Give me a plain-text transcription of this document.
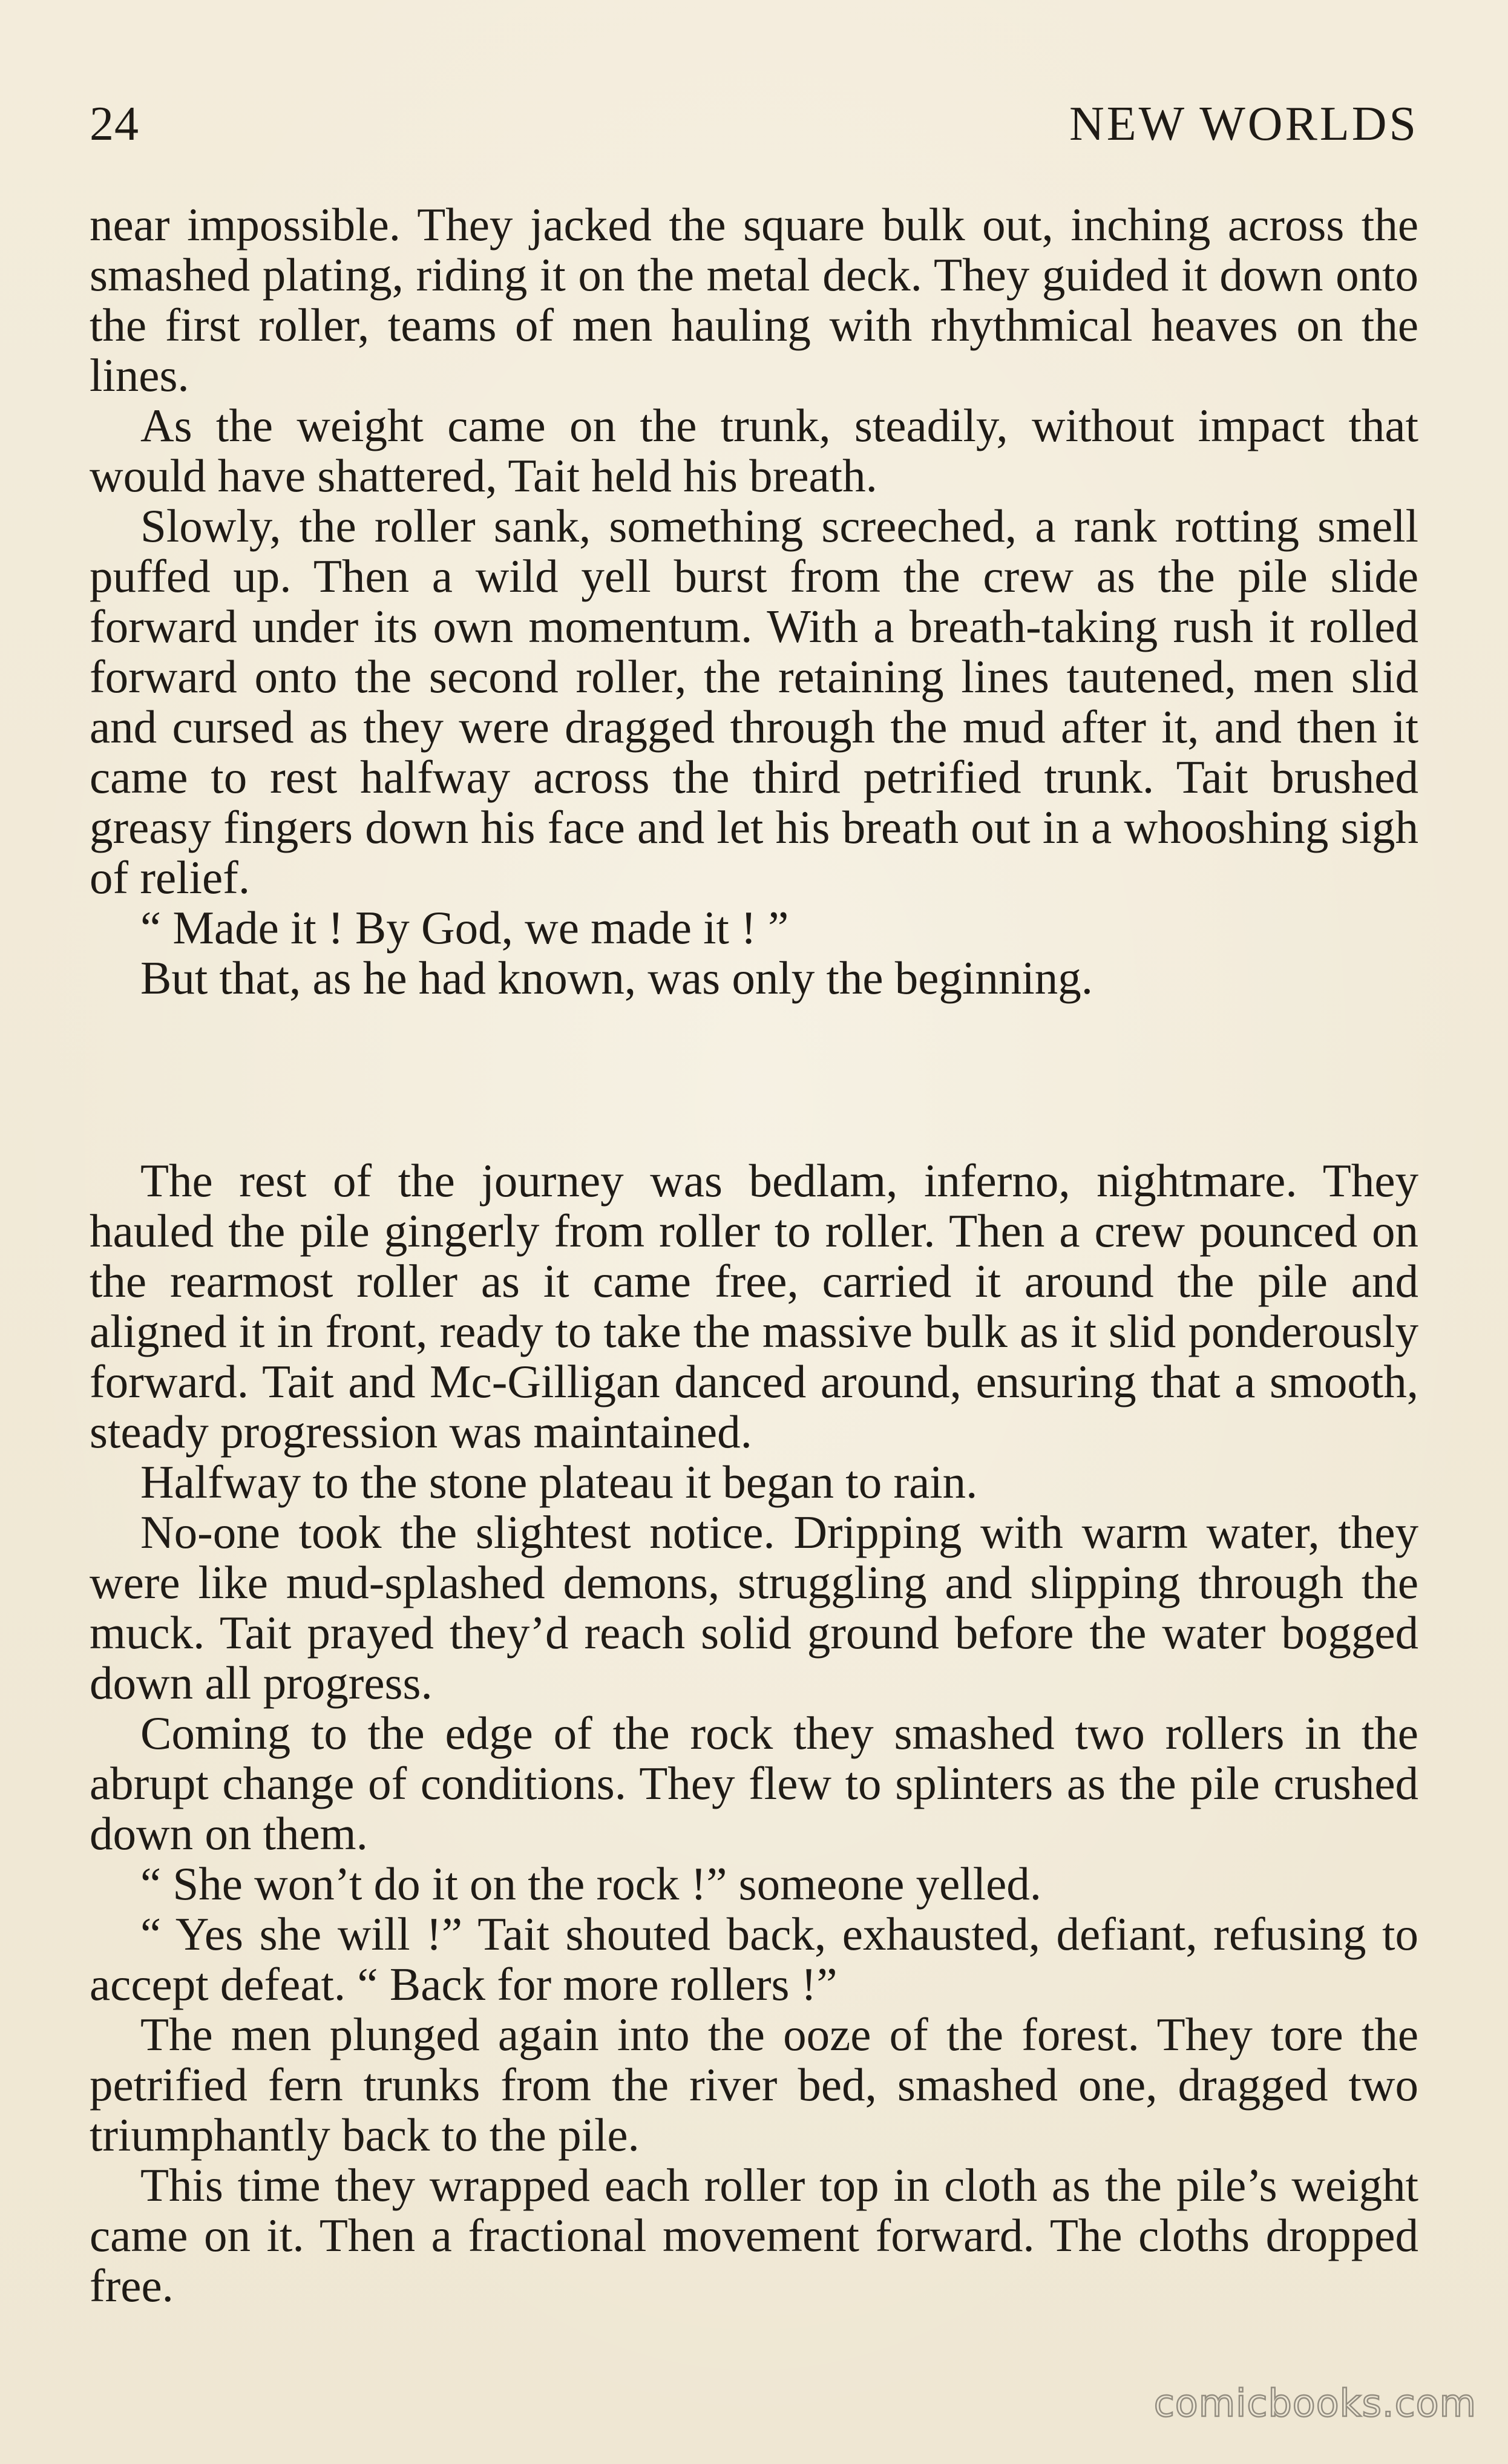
24	NEW WORLDS

near impossible. They jacked the square bulk out, inching across the smashed plating, riding it on the metal deck. They guided it down onto the first roller, teams of men hauling with rhythmical heaves on the lines.

As the weight came on the trunk, steadily, without impact that would have shattered, Tait held his breath.

Slowly, the roller sank, something screeched, a rank rotting smell puffed up. Then a wild yell burst from the crew as the pile slide forward under its own momentum. With a breath-taking rush it rolled forward onto the second roller, the retaining lines tautened, men slid and cursed as they were dragged through the mud after it, and then it came to rest halfway across the third petrified trunk. Tait brushed greasy fingers down his face and let his breath out in a whooshing sigh of relief.

“ Made it ! By God, we made it ! ”

But that, as he had known, was only the beginning.

The rest of the journey was bedlam, inferno, nightmare. They hauled the pile gingerly from roller to roller. Then a crew pounced on the rearmost roller as it came free, carried it around the pile and aligned it in front, ready to take the massive bulk as it slid ponderously forward. Tait and Mc-Gilligan danced around, ensuring that a smooth, steady progression was maintained.

Halfway to the stone plateau it began to rain.

No-one took the slightest notice. Dripping with warm water, they were like mud-splashed demons, struggling and slipping through the muck. Tait prayed they’d reach solid ground before the water bogged down all progress.

Coming to the edge of the rock they smashed two rollers in the abrupt change of conditions. They flew to splinters as the pile crushed down on them.

“ She won’t do it on the rock !” someone yelled.

“ Yes she will !” Tait shouted back, exhausted, defiant, refusing to accept defeat. “ Back for more rollers !”

The men plunged again into the ooze of the forest. They tore the petrified fern trunks from the river bed, smashed one, dragged two triumphantly back to the pile.

This time they wrapped each roller top in cloth as the pile’s weight came on it. Then a fractional movement forward. The cloths dropped free.

comicbooks.com
